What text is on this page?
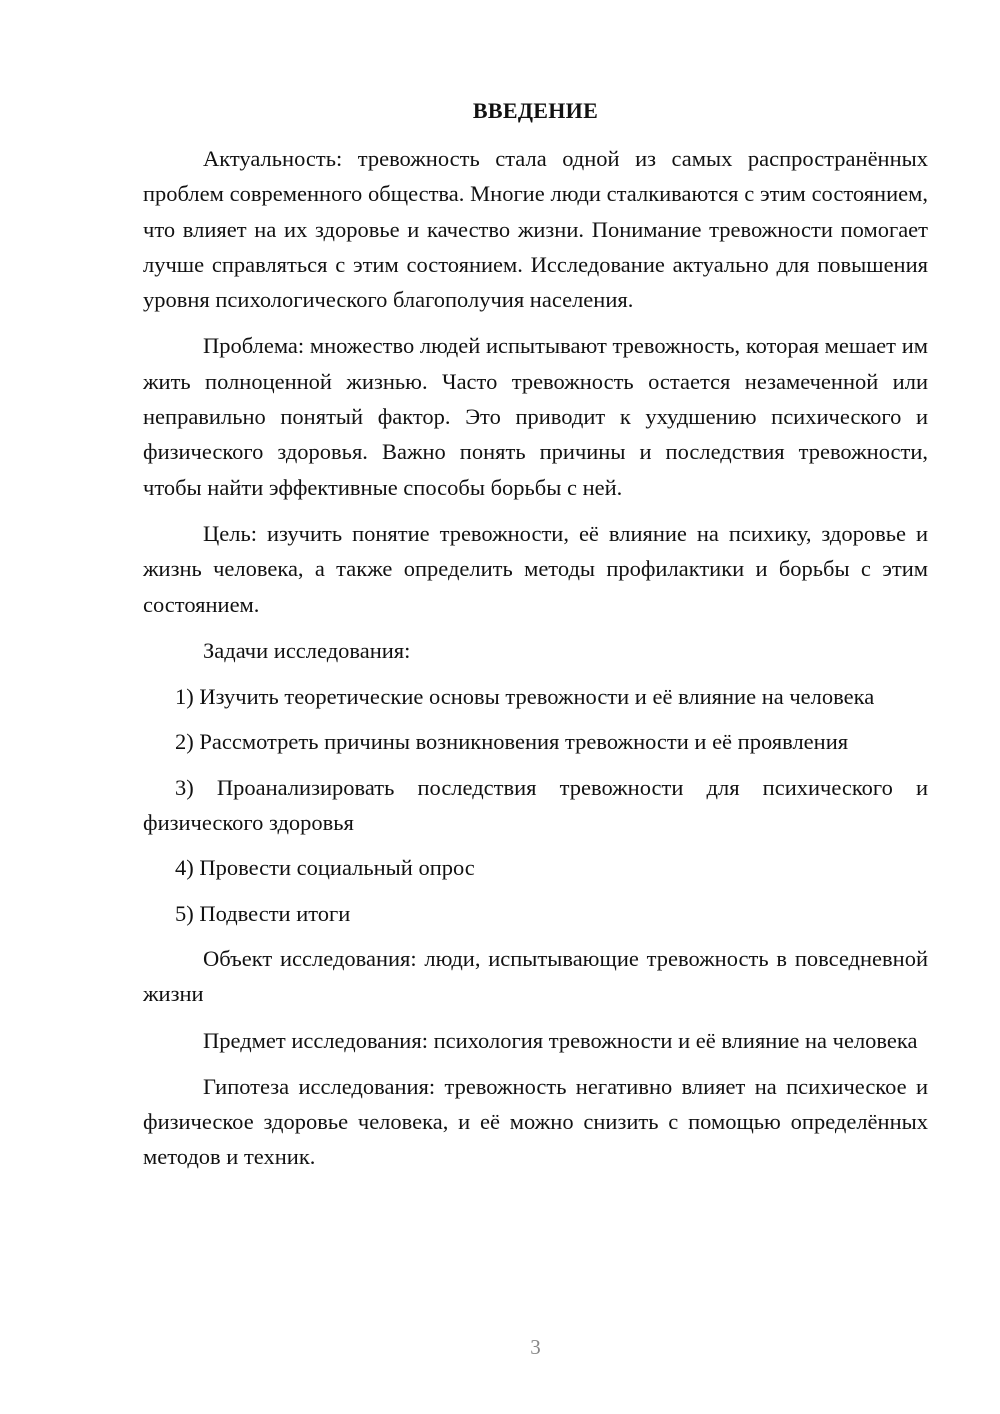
ВВЕДЕНИЕ

Актуальность: тревожность стала одной из самых распространённых проблем современного общества. Многие люди сталкиваются с этим состоянием, что влияет на их здоровье и качество жизни. Понимание тревожности помогает лучше справляться с этим состоянием. Исследование актуально для повышения уровня психологического благополучия населения.

Проблема: множество людей испытывают тревожность, которая мешает им жить полноценной жизнью. Часто тревожность остается незамеченной или неправильно понятый фактор. Это приводит к ухудшению психического и физического здоровья. Важно понять причины и последствия тревожности, чтобы найти эффективные способы борьбы с ней.

Цель: изучить понятие тревожности, её влияние на психику, здоровье и жизнь человека, а также определить методы профилактики и борьбы с этим состоянием.

Задачи исследования:

1) Изучить теоретические основы тревожности и её влияние на человека

2) Рассмотреть причины возникновения тревожности и её проявления

3) Проанализировать последствия тревожности для психического и физического здоровья

4) Провести социальный опрос

5) Подвести итоги

Объект исследования: люди, испытывающие тревожность в повседневной жизни

Предмет исследования: психология тревожности и её влияние на человека

Гипотеза исследования: тревожность негативно влияет на психическое и физическое здоровье человека, и её можно снизить с помощью определённых методов и техник.

3
